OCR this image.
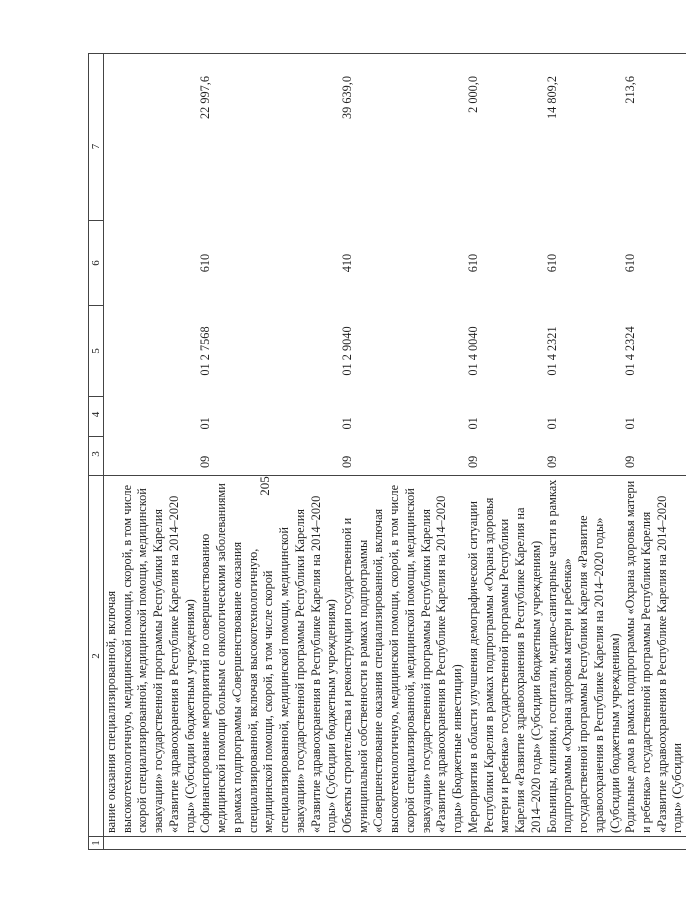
205
1	2	3	4	5	6	7
	вание оказания специализированной, включая высокотехнологичную, медицинской помощи, скорой, в том числе скорой специализированной, медицинской помощи, медицинской эвакуации» государственной программы Республики Карелия «Развитие здравоохранения в Республике Карелия на 2014–2020 годы» (Субсидии бюджетным учреждениям)					
	Софинансирование мероприятий по совершенствованию медицинской помощи больным с онкологическими заболеваниями в рамках подпрограммы «Совершенствование оказания специализированной, включая высокотехнологичную, медицинской помощи, скорой, в том числе скорой специализированной, медицинской помощи, медицинской эвакуации» государственной программы Республики Карелия «Развитие здравоохранения в Республике Карелия на 2014–2020 годы» (Субсидии бюджетным учреждениям)	09	01	01 2 7568	610	22 997,6
	Объекты строительства и реконструкции государственной и муниципальной собственности в рамках подпрограммы «Совершенствование оказания специализированной, включая высокотехнологичную, медицинской помощи, скорой, в том числе скорой специализированной, медицинской помощи, медицинской эвакуации» государственной программы Республики Карелия «Развитие здравоохранения в Республике Карелия на 2014–2020 годы» (Бюджетные инвестиции)	09	01	01 2 9040	410	39 639,0
	Мероприятия в области улучшения демографической ситуации Республики Карелия в рамках подпрограммы «Охрана здоровья матери и ребенка» государственной программы Республики Карелия «Развитие здравоохранения в Республике Карелия на 2014–2020 годы» (Субсидии бюджетным учреждениям)	09	01	01 4 0040	610	2 000,0
	Больницы, клиники, госпитали, медико-санитарные части в рамках подпрограммы «Охрана здоровья матери и ребенка» государственной программы Республики Карелия «Развитие здравоохранения в Республике Карелия на 2014–2020 годы» (Субсидии бюджетным учреждениям)	09	01	01 4 2321	610	14 809,2
	Родильные дома в рамках подпрограммы «Охрана здоровья матери и ребенка» государственной программы Республики Карелия «Развитие здравоохранения в Республике Карелия на 2014–2020 годы» (Субсидии	09	01	01 4 2324	610	213,6
